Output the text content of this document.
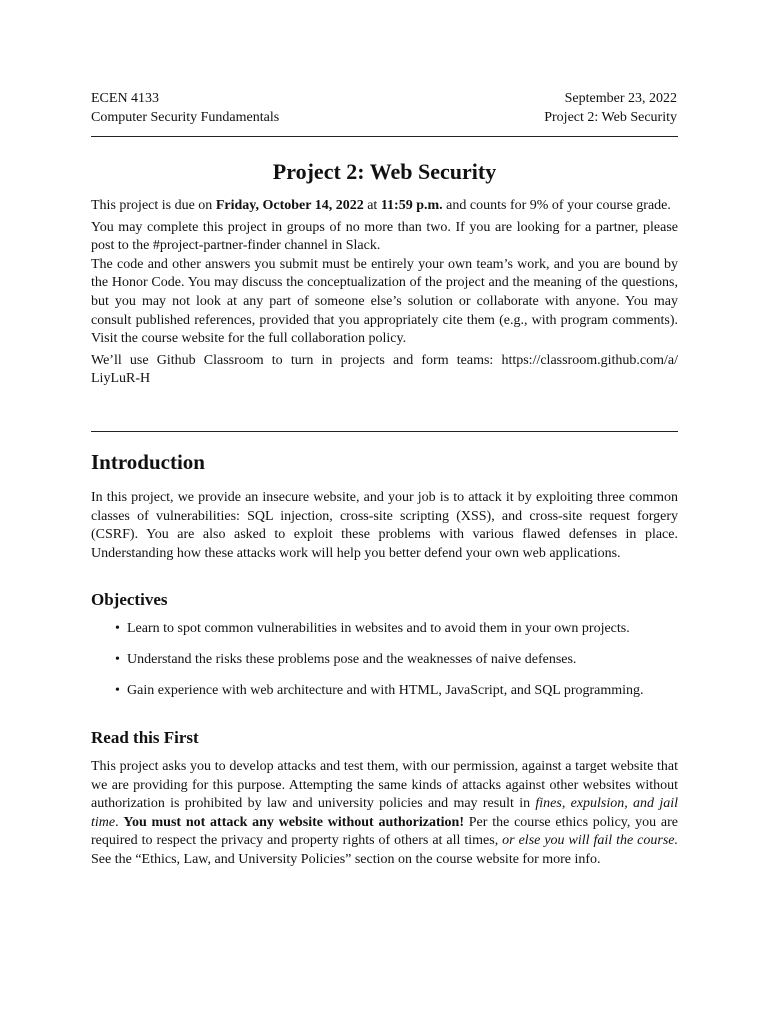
ECEN 4133
Computer Security Fundamentals
September 23, 2022
Project 2: Web Security
Project 2: Web Security

This project is due on Friday, October 14, 2022 at 11:59 p.m. and counts for 9% of your course grade.

You may complete this project in groups of no more than two. If you are looking for a partner, please post to the #project-partner-finder channel in Slack.

The code and other answers you submit must be entirely your own team’s work, and you are bound by the Honor Code. You may discuss the conceptualization of the project and the meaning of the questions, but you may not look at any part of someone else’s solution or collaborate with anyone. You may consult published references, provided that you appropriately cite them (e.g., with program comments). Visit the course website for the full collaboration policy.

We’ll use Github Classroom to turn in projects and form teams: https://classroom.github.com/a/ LiyLuR-H

Introduction
In this project, we provide an insecure website, and your job is to attack it by exploiting three common classes of vulnerabilities: SQL injection, cross-site scripting (XSS), and cross-site request forgery (CSRF). You are also asked to exploit these problems with various flawed defenses in place. Understanding how these attacks work will help you better defend your own web applications.
Objectives
• Learn to spot common vulnerabilities in websites and to avoid them in your own projects.
• Understand the risks these problems pose and the weaknesses of naive defenses.
• Gain experience with web architecture and with HTML, JavaScript, and SQL programming.
Read this First
This project asks you to develop attacks and test them, with our permission, against a target website that we are providing for this purpose. Attempting the same kinds of attacks against other websites without authorization is prohibited by law and university policies and may result in fines, expulsion, and jail time. You must not attack any website without authorization! Per the course ethics policy, you are required to respect the privacy and property rights of others at all times, or else you will fail the course. See the “Ethics, Law, and University Policies” section on the course website for more info.
